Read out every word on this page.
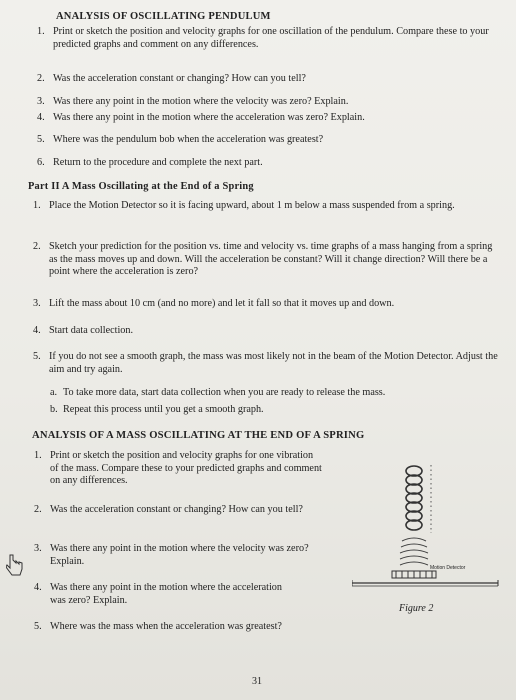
ANALYSIS OF OSCILLATING PENDULUM
1. Print or sketch the position and velocity graphs for one oscillation of the pendulum. Compare these to your predicted graphs and comment on any differences.
2. Was the acceleration constant or changing? How can you tell?
3. Was there any point in the motion where the velocity was zero? Explain.
4. Was there any point in the motion where the acceleration was zero? Explain.
5. Where was the pendulum bob when the acceleration was greatest?
6. Return to the procedure and complete the next part.
Part II A Mass Oscillating at the End of a Spring
1. Place the Motion Detector so it is facing upward, about 1 m below a mass suspended from a spring.
2. Sketch your prediction for the position vs. time and velocity vs. time graphs of a mass hanging from a spring as the mass moves up and down. Will the acceleration be constant? Will it change direction? Will there be a point where the acceleration is zero?
3. Lift the mass about 10 cm (and no more) and let it fall so that it moves up and down.
4. Start data collection.
5. If you do not see a smooth graph, the mass was most likely not in the beam of the Motion Detector. Adjust the aim and try again.
a. To take more data, start data collection when you are ready to release the mass.
b. Repeat this process until you get a smooth graph.
ANALYSIS OF A MASS OSCILLATING AT THE END OF A SPRING
1. Print or sketch the position and velocity graphs for one vibration of the mass. Compare these to your predicted graphs and comment on any differences.
2. Was the acceleration constant or changing? How can you tell?
3. Was there any point in the motion where the velocity was zero? Explain.
4. Was there any point in the motion where the acceleration was zero? Explain.
5. Where was the mass when the acceleration was greatest?
Motion Detector
Figure 2
31
